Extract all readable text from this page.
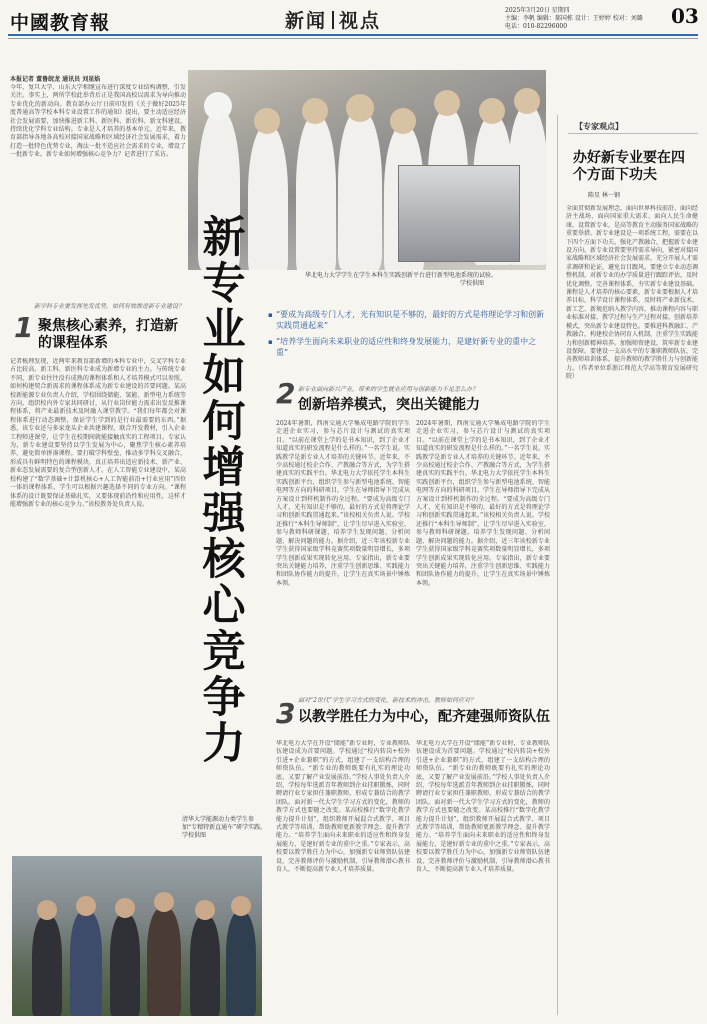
中國教育報	新闻 视点	2025年3月20日 星期四
主编：李帆 编辑：郝国栋 设计：王婷婷 校对：刘璐
电话：010-82296000	03
本报记者 董鲁皖龙 通讯员 刘星焰
今年，复旦大学、山东大学相继宣布进行深度专业结构调整，引发关注。事实上，两所学校此举背后正是我国高校以需求为导向推动专业优化的新动向。教育部办公厅日前印发的《关于做好2025年度普通高等学校本科专业设置工作的通知》提出，要主动适应经济社会发展需要，加快推进新工科、新医科、新农科、新文科建设，持续优化学科专业结构。专业是人才培养的基本单元。近年来，教育部指导各地各高校对接国家战略和区域经济社会发展需求，着力打造一批特色优势专业，淘汰一批不适应社会需求的专业，增设了一批新专业。新专业如何增强核心竞争力？记者进行了采访。
华北电力大学学生在学生本科生实践创新平台进行新型电池系统的试验。
学校供图
新专业如何增强核心竞争力
▪ “要成为高级专门人才，光有知识是不够的，最好的方式是将理论学习和创新实践贯通起来”
▪ “培养学生面向未来职业的适应性和终身发展能力，是建好新专业的重中之重”
新学科专业要发挥先发优势，如何有效推进新专业建设？
1 聚焦核心素养，打造新的课程体系
记者梳理发现，近两年来教育部新增的本科专业中，交叉学科专业占比较高，新工科、新医科专业成为新增专业的主力。与传统专业不同，新专业往往没有成熟的课程体系和人才培养模式可以参照，如何构建契合新需求的课程体系成为新专业建设的首要问题。某高校新能源专业负责人介绍，学校围绕储能、氢能、新型电力系统等方向，组织校内外专家共同研讨，从行业岗位能力需求出发反推课程体系，将产业最新技术及时融入课堂教学。“我们每年都会对课程体系进行动态调整，保证学生学到的是行业最需要的东西。”据悉，该专业还与多家龙头企业共建课程，联合开发教材，引入企业工程师进课堂，让学生在校期间就能接触真实的工程项目。专家认为，新专业建设要坚持以学生发展为中心，聚焦学生核心素养培养，避免简单拼凑课程。要打破学科壁垒，推动多学科交叉融合，形成具有鲜明特色的课程模块，真正培养出适应新技术、新产业、新业态发展需要的复合型创新人才。在人工智能专业建设中，某高校构建了“数学基础+计算机核心+人工智能前沿+行业应用”四位一体的课程体系，学生可以根据兴趣选择不同的专业方向。“课程体系的设计既要保证基础扎实，又要体现前沿性和应用性，这样才能增强新专业的核心竞争力。”该校教务处负责人说。
清华大学能源动力类学生参加“专精特新直通车”研学实践。 学校供图
新专业面向新兴产业，带来的学生就业应用与创新能力不足怎么办？
2 创新培养模式，突出关键能力
2024年暑期，西南交通大学集成电路学院的学生走进企业实习，参与芯片设计与测试的真实项目。“以前在课堂上学的是书本知识，到了企业才知道真实的研发流程是什么样的。”一名学生说。实践教学是新专业人才培养的关键环节。近年来，不少高校通过校企合作、产教融合等方式，为学生搭建真实的实践平台。华北电力大学依托学生本科生实践创新平台，组织学生参与新型电池系统、智能电网等方向的科研项目，学生在导师指导下完成从方案设计到样机制作的全过程。“要成为高级专门人才，光有知识是不够的，最好的方式是将理论学习和创新实践贯通起来。”该校相关负责人说。学校还推行“本科生导师制”，让学生尽早进入实验室，参与教师科研课题，培养学生发现问题、分析问题、解决问题的能力。据介绍，近三年该校新专业学生获得国家级学科竞赛奖项数量明显增长，多项学生创新成果实现转化应用。专家指出，新专业要突出关键能力培养，注重学生创新思维、实践能力和团队协作能力的提升，让学生在真实场景中锤炼本领。
2024年暑期，西南交通大学集成电路学院的学生走进企业实习，参与芯片设计与测试的真实项目。“以前在课堂上学的是书本知识，到了企业才知道真实的研发流程是什么样的。”一名学生说。实践教学是新专业人才培养的关键环节。近年来，不少高校通过校企合作、产教融合等方式，为学生搭建真实的实践平台。华北电力大学依托学生本科生实践创新平台，组织学生参与新型电池系统、智能电网等方向的科研项目，学生在导师指导下完成从方案设计到样机制作的全过程。“要成为高级专门人才，光有知识是不够的，最好的方式是将理论学习和创新实践贯通起来。”该校相关负责人说。学校还推行“本科生导师制”，让学生尽早进入实验室，参与教师科研课题，培养学生发现问题、分析问题、解决问题的能力。据介绍，近三年该校新专业学生获得国家级学科竞赛奖项数量明显增长，多项学生创新成果实现转化应用。专家指出，新专业要突出关键能力培养，注重学生创新思维、实践能力和团队协作能力的提升，让学生在真实场景中锤炼本领。
面对“2世代”学生学习方式的变化，新技术的冲击，教师如何应对？
3 以教学胜任力为中心，配齐建强师资队伍
华北电力大学在开设“储能”新专业时，专业教师队伍建设成为首要问题。学校通过“校内转岗+校外引进+企业兼职”的方式，组建了一支结构合理的师资队伍。“新专业的教师既要有扎实的理论功底，又要了解产业发展前沿。”学校人事处负责人介绍，学校每年选派青年教师到企业挂职锻炼，同时聘请行业专家担任兼职教师，形成专兼结合的教学团队。面对新一代大学生学习方式的变化，教师的教学方式也要随之改变。某高校推行“数字化教学能力提升计划”，组织教师开展混合式教学、项目式教学等培训，帮助教师更新教学理念、提升教学能力。“培养学生面向未来职业的适应性和终身发展能力，是建好新专业的重中之重。”专家表示，高校要以教学胜任力为中心，加强新专业师资队伍建设，完善教师评价与激励机制，引导教师潜心教书育人，不断提高新专业人才培养质量。
华北电力大学在开设“储能”新专业时，专业教师队伍建设成为首要问题。学校通过“校内转岗+校外引进+企业兼职”的方式，组建了一支结构合理的师资队伍。“新专业的教师既要有扎实的理论功底，又要了解产业发展前沿。”学校人事处负责人介绍，学校每年选派青年教师到企业挂职锻炼，同时聘请行业专家担任兼职教师，形成专兼结合的教学团队。面对新一代大学生学习方式的变化，教师的教学方式也要随之改变。某高校推行“数字化教学能力提升计划”，组织教师开展混合式教学、项目式教学等培训，帮助教师更新教学理念、提升教学能力。“培养学生面向未来职业的适应性和终身发展能力，是建好新专业的重中之重。”专家表示，高校要以教学胜任力为中心，加强新专业师资队伍建设，完善教师评价与激励机制，引导教师潜心教书育人，不断提高新专业人才培养质量。
【专家观点】
办好新专业要在四个方面下功夫
陈星 林一钢
全面贯彻新发展理念，面向世界科技前沿、面向经济主战场、面向国家重大需求、面向人民生命健康，设置新专业，是高等教育主动服务国家战略的重要举措。新专业建设是一项系统工程，需要在以下四个方面下功夫。强化产教融合，把握新专业建设方向。新专业设置要坚持需求导向，紧密对接国家战略和区域经济社会发展需求，充分开展人才需求调研和论证，避免盲目跟风。要建立专业动态调整机制，对新专业的办学质量进行跟踪评估，及时优化调整。完善课程体系，夯实新专业建设基础。课程是人才培养的核心要素，新专业要根据人才培养目标，科学设计课程体系，及时将产业新技术、新工艺、新规范纳入教学内容，推动课程内容与职业标准对接、教学过程与生产过程对接。创新培养模式，突出新专业建设特色。要推进科教融汇、产教融合，构建校企协同育人机制，注重学生实践能力和创新精神培养。加强师资建设，筑牢新专业建设保障。要建设一支高水平的专兼职教师队伍，完善教师培训体系，提升教师的教学胜任力与创新能力。（作者单位系浙江师范大学高等教育发展研究院）
